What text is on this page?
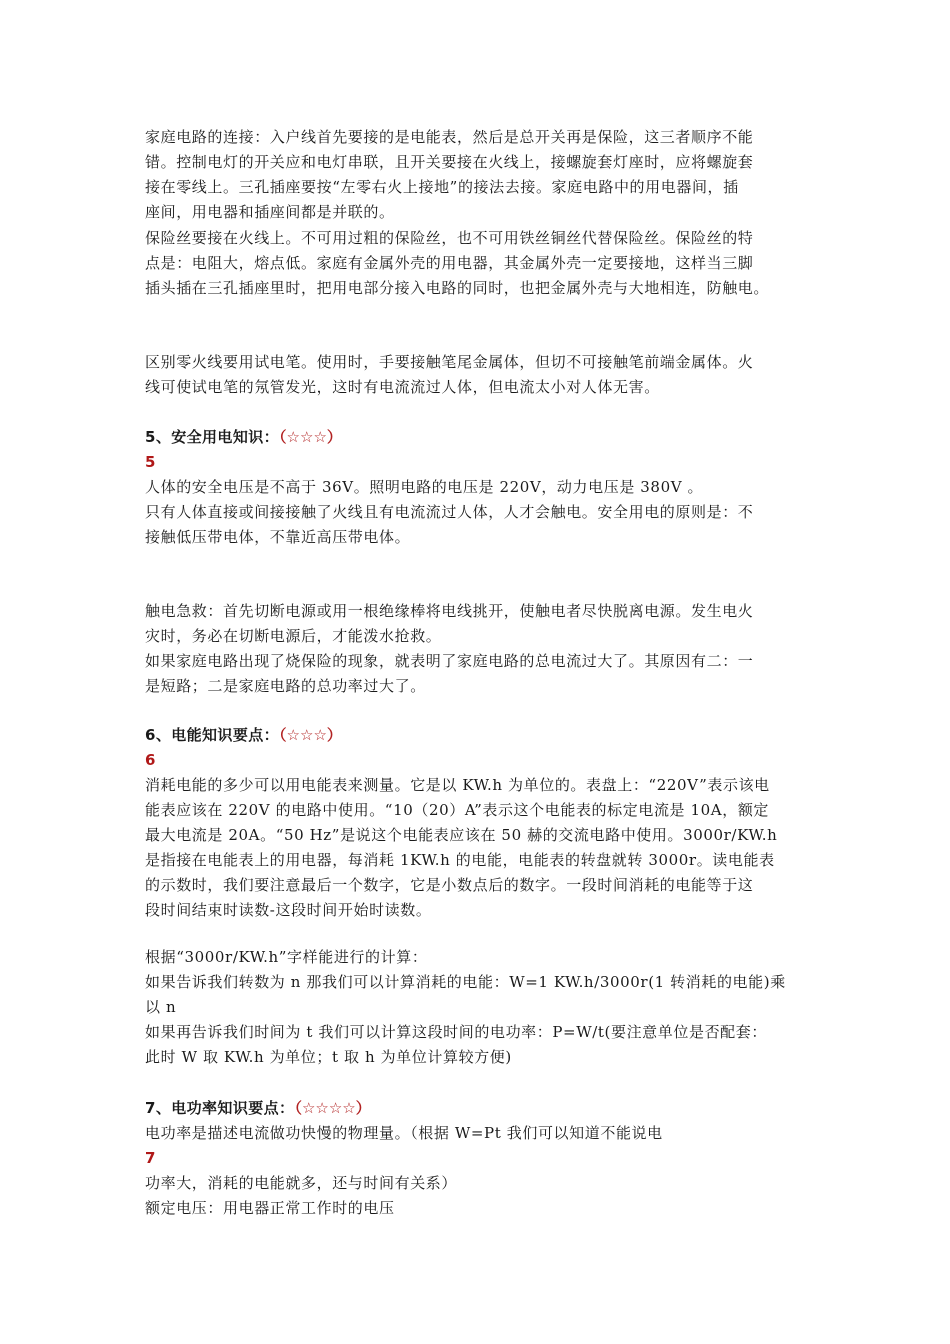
家庭电路的连接：入户线首先要接的是电能表，然后是总开关再是保险，这三者顺序不能

错。控制电灯的开关应和电灯串联，且开关要接在火线上，接螺旋套灯座时，应将螺旋套

接在零线上。三孔插座要按“左零右火上接地”的接法去接。家庭电路中的用电器间，插

座间，用电器和插座间都是并联的。

保险丝要接在火线上。不可用过粗的保险丝，也不可用铁丝铜丝代替保险丝。保险丝的特

点是：电阻大，熔点低。家庭有金属外壳的用电器，其金属外壳一定要接地，这样当三脚

插头插在三孔插座里时，把用电部分接入电路的同时，也把金属外壳与大地相连，防触电。

区别零火线要用试电笔。使用时，手要接触笔尾金属体，但切不可接触笔前端金属体。火

线可使试电笔的氖管发光，这时有电流流过人体，但电流太小对人体无害。

5、安全用电知识：（☆☆☆）

5

人体的安全电压是不高于 36V。照明电路的电压是 220V，动力电压是 380V 。

只有人体直接或间接接触了火线且有电流流过人体，人才会触电。安全用电的原则是：不

接触低压带电体，不靠近高压带电体。

触电急救：首先切断电源或用一根绝缘棒将电线挑开，使触电者尽快脱离电源。发生电火

灾时，务必在切断电源后，才能泼水抢救。

如果家庭电路出现了烧保险的现象，就表明了家庭电路的总电流过大了。其原因有二：一

是短路；二是家庭电路的总功率过大了。

6、电能知识要点：（☆☆☆）

6

消耗电能的多少可以用电能表来测量。它是以 KW.h 为单位的。表盘上：“220V”表示该电

能表应该在 220V 的电路中使用。“10（20）A”表示这个电能表的标定电流是 10A，额定

最大电流是 20A。“50 Hz”是说这个电能表应该在 50 赫的交流电路中使用。3000r/KW.h

是指接在电能表上的用电器，每消耗 1KW.h 的电能，电能表的转盘就转 3000r。读电能表

的示数时，我们要注意最后一个数字，它是小数点后的数字。一段时间消耗的电能等于这

段时间结束时读数-这段时间开始时读数。

根据“3000r/KW.h”字样能进行的计算：

如果告诉我们转数为 n 那我们可以计算消耗的电能：W=1 KW.h/3000r(1 转消耗的电能)乘

以 n

如果再告诉我们时间为 t 我们可以计算这段时间的电功率：P=W/t(要注意单位是否配套：

此时 W 取 KW.h 为单位；t 取 h 为单位计算较方便)

7、电功率知识要点：（☆☆☆☆）

电功率是描述电流做功快慢的物理量。（根据 W=Pt 我们可以知道不能说电

7

功率大，消耗的电能就多，还与时间有关系）

额定电压：用电器正常工作时的电压
